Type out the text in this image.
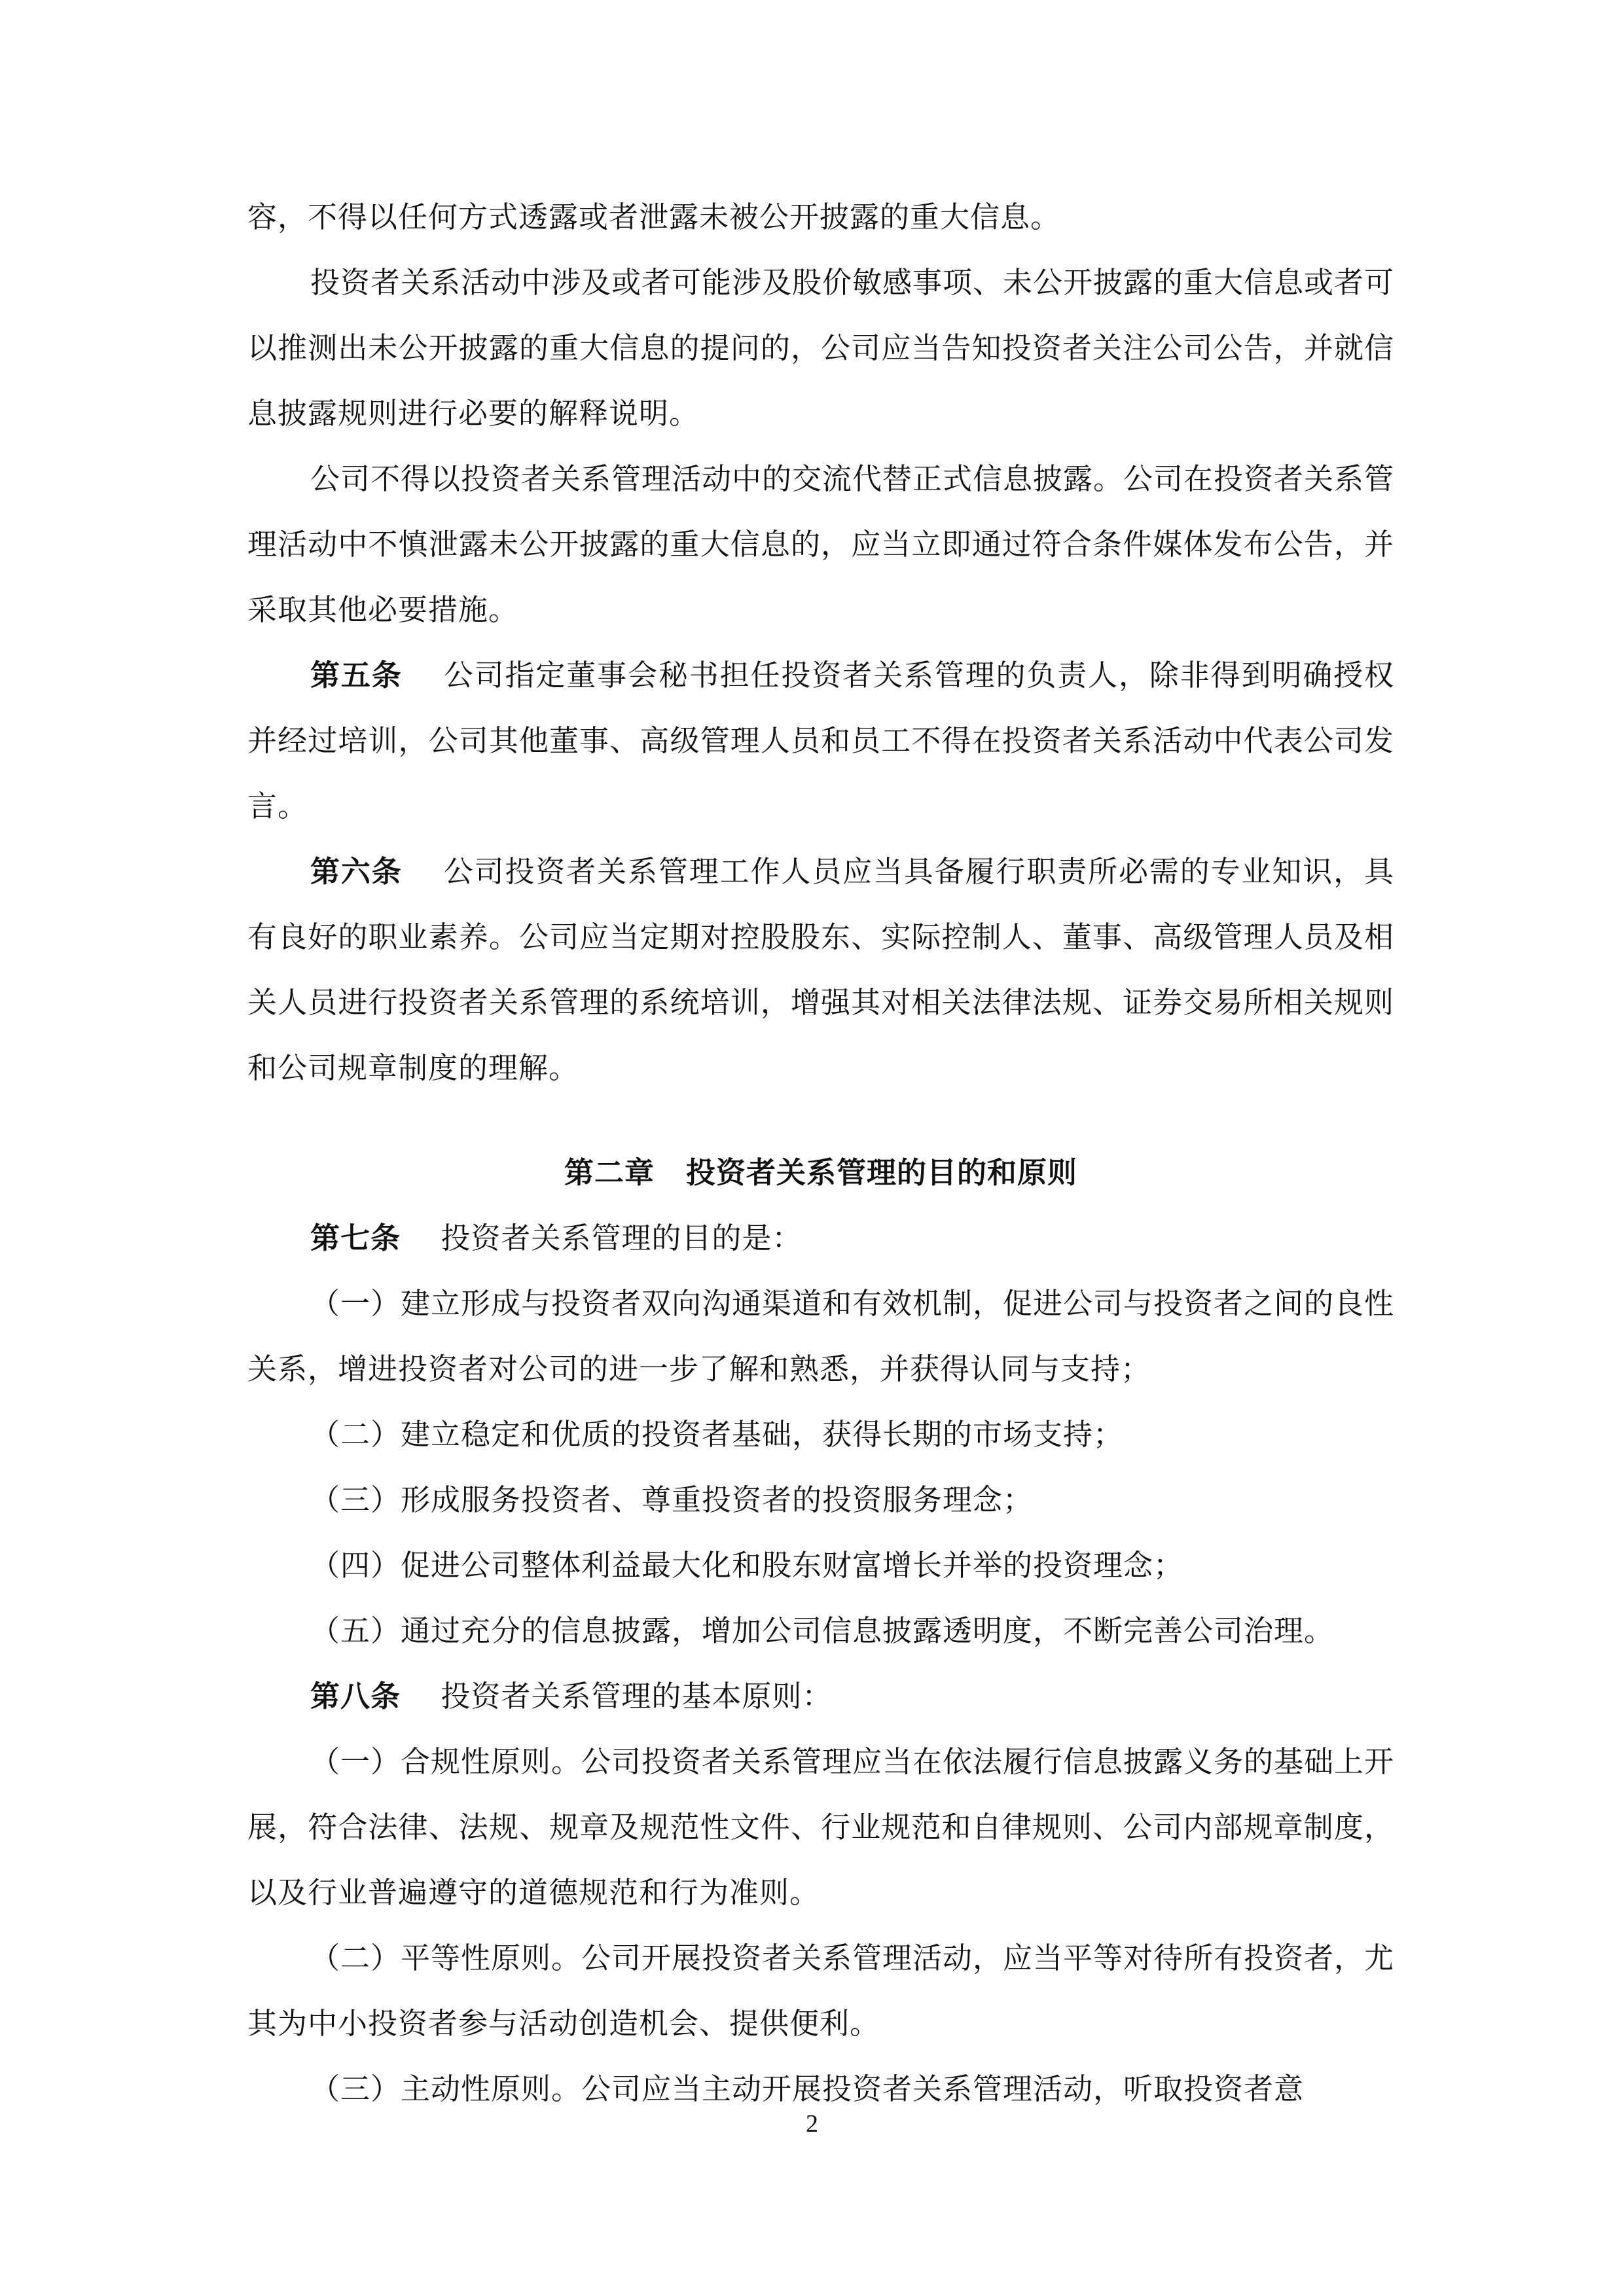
容，不得以任何方式透露或者泄露未被公开披露的重大信息。

投资者关系活动中涉及或者可能涉及股价敏感事项、未公开披露的重大信息或者可以推测出未公开披露的重大信息的提问的，公司应当告知投资者关注公司公告，并就信息披露规则进行必要的解释说明。

公司不得以投资者关系管理活动中的交流代替正式信息披露。公司在投资者关系管理活动中不慎泄露未公开披露的重大信息的，应当立即通过符合条件媒体发布公告，并采取其他必要措施。

第五条   公司指定董事会秘书担任投资者关系管理的负责人，除非得到明确授权并经过培训，公司其他董事、高级管理人员和员工不得在投资者关系活动中代表公司发言。

第六条   公司投资者关系管理工作人员应当具备履行职责所必需的专业知识，具有良好的职业素养。公司应当定期对控股股东、实际控制人、董事、高级管理人员及相关人员进行投资者关系管理的系统培训，增强其对相关法律法规、证券交易所相关规则和公司规章制度的理解。

第二章 投资者关系管理的目的和原则

第七条   投资者关系管理的目的是：

（一）建立形成与投资者双向沟通渠道和有效机制，促进公司与投资者之间的良性关系，增进投资者对公司的进一步了解和熟悉，并获得认同与支持；

（二）建立稳定和优质的投资者基础，获得长期的市场支持；

（三）形成服务投资者、尊重投资者的投资服务理念；

（四）促进公司整体利益最大化和股东财富增长并举的投资理念；

（五）通过充分的信息披露，增加公司信息披露透明度，不断完善公司治理。

第八条   投资者关系管理的基本原则：

（一）合规性原则。公司投资者关系管理应当在依法履行信息披露义务的基础上开展，符合法律、法规、规章及规范性文件、行业规范和自律规则、公司内部规章制度，以及行业普遍遵守的道德规范和行为准则。

（二）平等性原则。公司开展投资者关系管理活动，应当平等对待所有投资者，尤其为中小投资者参与活动创造机会、提供便利。

（三）主动性原则。公司应当主动开展投资者关系管理活动，听取投资者意

2
